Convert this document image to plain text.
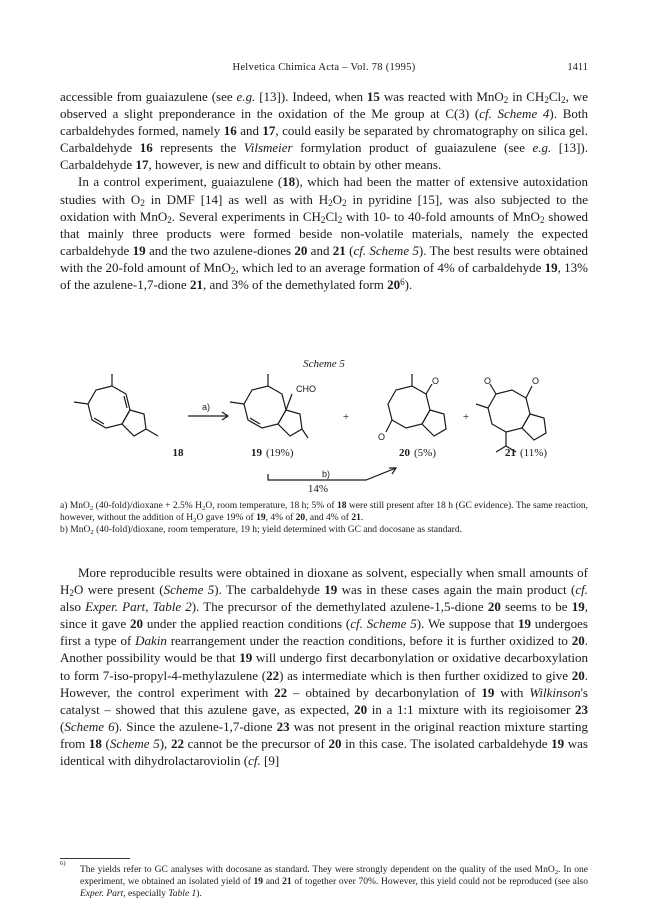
Helvetica Chimica Acta – Vol. 78 (1995)	1411

accessible from guaiazulene (see e.g. [13]). Indeed, when 15 was reacted with MnO$_2$ in $CH_2Cl_2$, we observed a slight preponderance in the oxidation of the Me group at C(3) (cf. Scheme 4). Both carbaldehydes formed, namely 16 and 17, could easily be separated by chromatography on silica gel. Carbaldehyde 16 represents the Vilsmeier formylation product of guaiazulene (see e.g. [13]). Carbaldehyde 17, however, is new and difficult to obtain by other means.

In a control experiment, guaiazulene (18), which had been the matter of extensive autoxidation studies with $O_2$ in DMF [14] as well as with $H_2O_2$ in pyridine [15], was also subjected to the oxidation with MnO$_2$. Several experiments in $CH_2Cl_2$ with 10- to 40-fold amounts of MnO$_2$ showed that mainly three products were formed beside non-volatile materials, namely the expected carbaldehyde 19 and the two azulene-diones 20 and 21 (cf. Scheme 5). The best results were obtained with the 20-fold amount of MnO$_2$, which led to an average formation of 4% of carbaldehyde 19, 13% of the azulene-1,7-dione 21, and 3% of the demethylated form $20^6$).

Scheme 5
a)
CHO
O
O
O	O
+	+
b)
18	19 (19%)	20 (5%)	21 (11%)
14%

a) MnO$_2$ (40-fold)/dioxane + 2.5% $H_2O$, room temperature, 18 h; 5% of 18 were still present after 18 h (GC evidence). The same reaction, however, without the addition of $H_2O$ gave 19% of 19, 4% of 20, and 4% of 21.

b) MnO$_2$ (40-fold)/dioxane, room temperature, 19 h; yield determined with GC and docosane as standard.

More reproducible results were obtained in dioxane as solvent, especially when small amounts of $H_2O$ were present (Scheme 5). The carbaldehyde 19 was in these cases again the main product (cf. also Exper. Part, Table 2). The precursor of the demethylated azulene-1,5-dione 20 seems to be 19, since it gave 20 under the applied reaction conditions (cf. Scheme 5). We suppose that 19 undergoes first a type of Dakin rearrangement under the reaction conditions, before it is further oxidized to 20. Another possibility would be that 19 will undergo first decarbonylation or oxidative decarboxylation to form 7-iso-propyl-4-methylazulene (22) as intermediate which is then further oxidized to give 20. However, the control experiment with 22 – obtained by decarbonylation of 19 with Wilkinson's catalyst – showed that this azulene gave, as expected, 20 in a 1:1 mixture with its regioisomer 23 (Scheme 6). Since the azulene-1,7-dione 23 was not present in the original reaction mixture starting from 18 (Scheme 5), 22 cannot be the precursor of 20 in this case. The isolated carbaldehyde 19 was identical with dihydrolactaroviolin (cf. [9]

6)
The yields refer to GC analyses with docosane as standard. They were strongly dependent on the quality of the used MnO$_2$. In one experiment, we obtained an isolated yield of 19 and 21 of together over 70%. However, this yield could not be reproduced (see also Exper. Part, especially Table 1).
